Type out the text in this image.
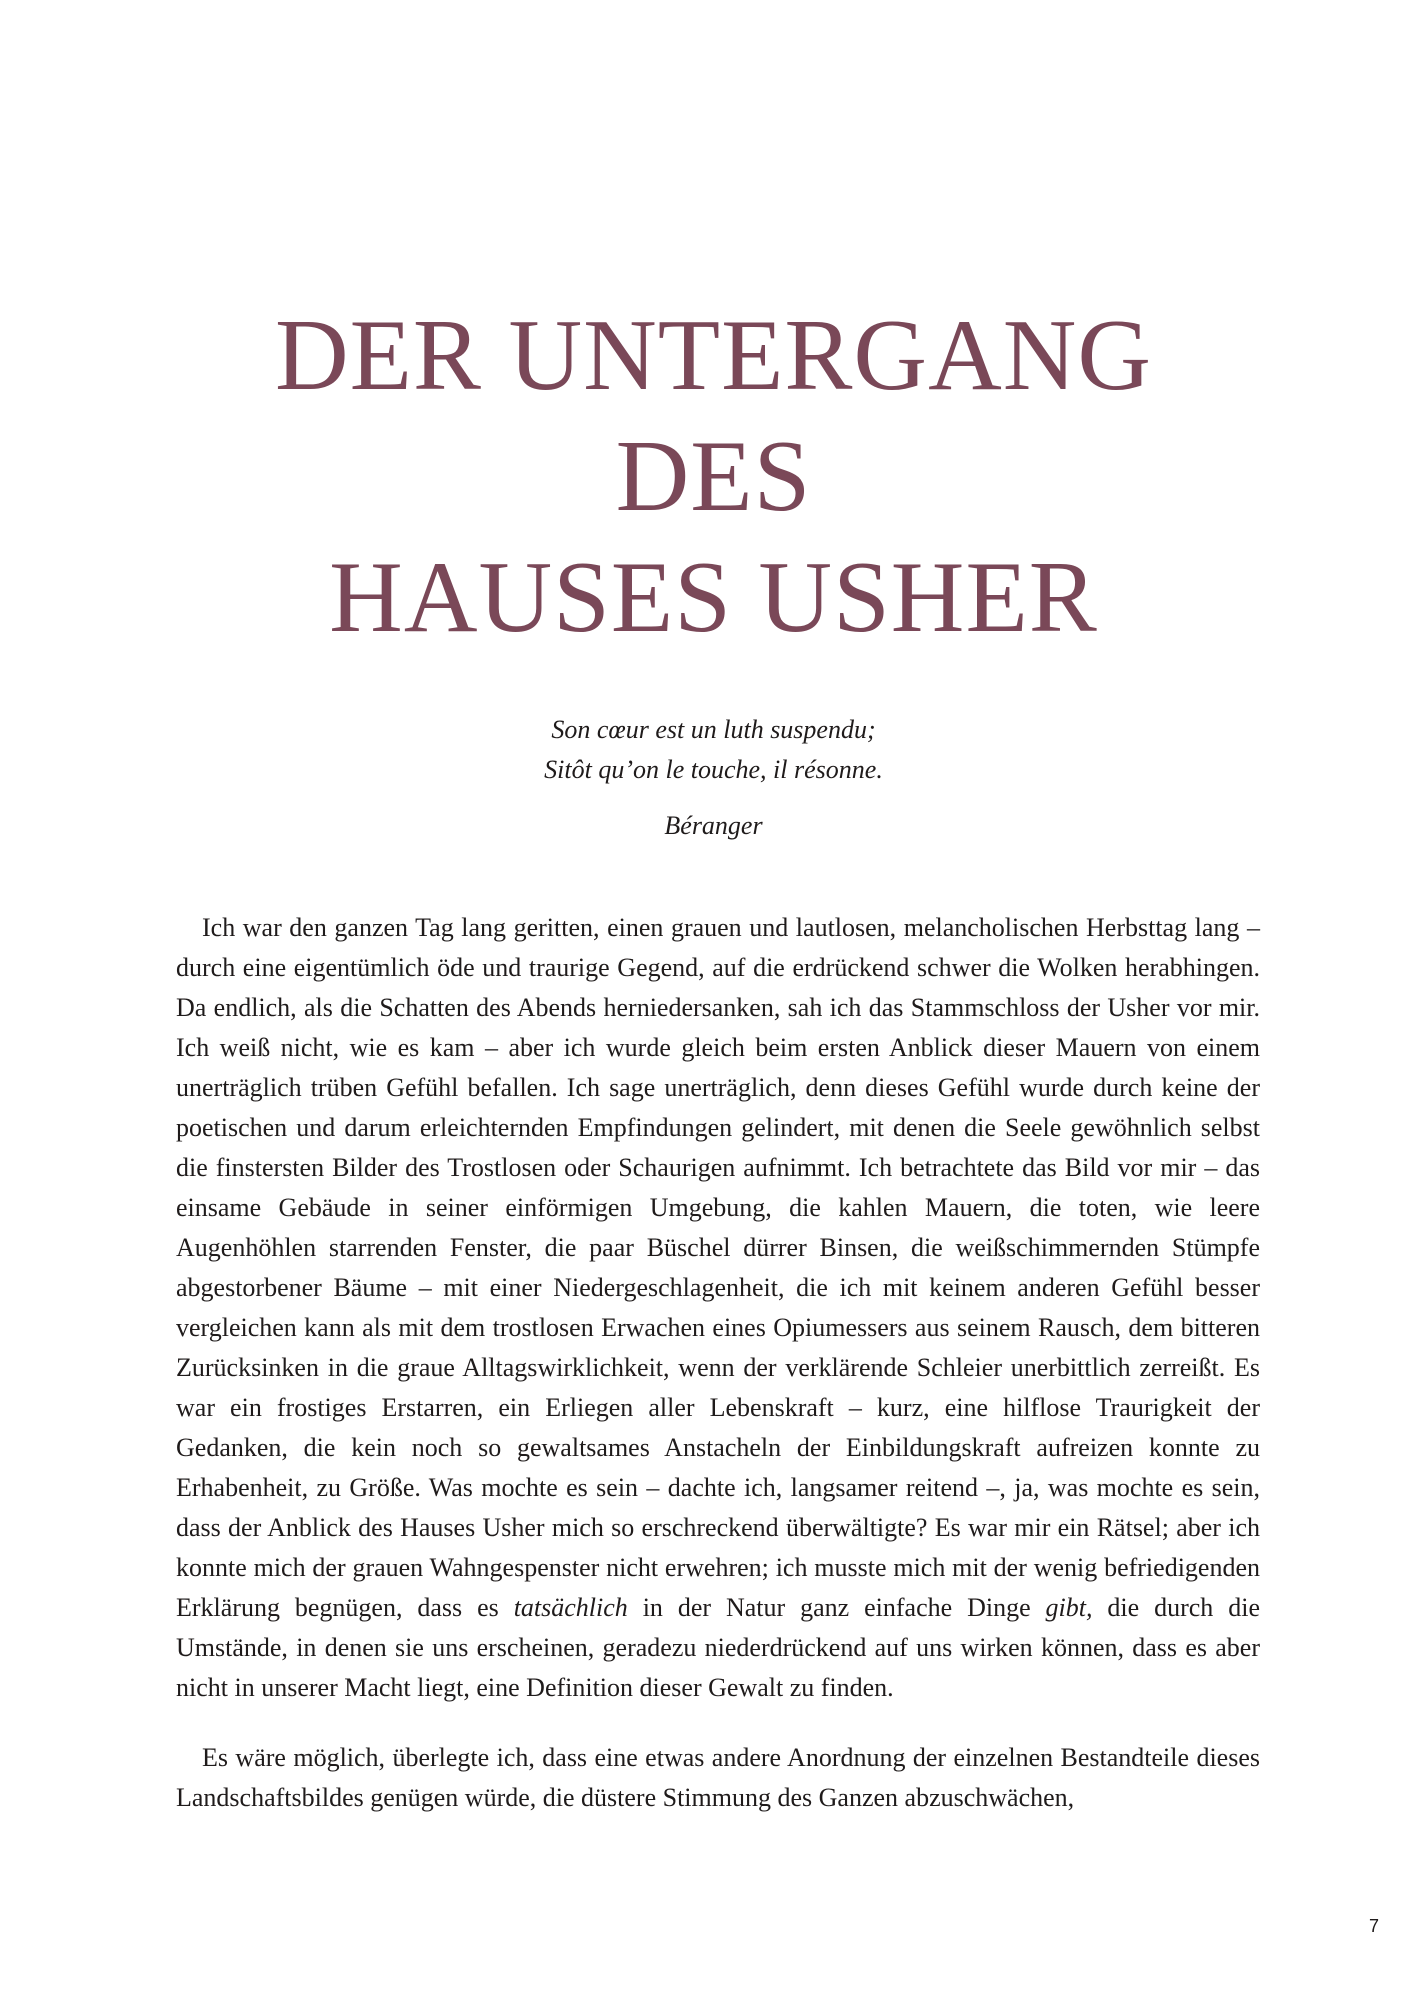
DER UNTERGANG
DES
HAUSES USHER
Son cœur est un luth suspendu;
Sitôt qu’on le touche, il résonne.
Béranger

Ich war den ganzen Tag lang geritten, einen grauen und lautlosen, melancholischen Herbsttag lang – durch eine eigentümlich öde und traurige Gegend, auf die erdrückend schwer die Wolken herabhingen. Da endlich, als die Schatten des Abends herniedersanken, sah ich das Stammschloss der Usher vor mir. Ich weiß nicht, wie es kam – aber ich wurde gleich beim ersten Anblick dieser Mauern von einem unerträglich trüben Gefühl befallen. Ich sage unerträglich, denn dieses Gefühl wurde durch keine der poetischen und darum erleichternden Empfindungen gelindert, mit denen die Seele gewöhnlich selbst die finstersten Bilder des Trostlosen oder Schaurigen aufnimmt. Ich betrachtete das Bild vor mir – das einsame Gebäude in seiner einförmigen Umgebung, die kahlen Mauern, die toten, wie leere Augenhöhlen starrenden Fenster, die paar Büschel dürrer Binsen, die weißschimmernden Stümpfe abgestorbener Bäume – mit einer Niedergeschlagenheit, die ich mit keinem anderen Gefühl besser vergleichen kann als mit dem trostlosen Erwachen eines Opiumessers aus seinem Rausch, dem bitteren Zurücksinken in die graue Alltagswirklichkeit, wenn der verklärende Schleier unerbittlich zerreißt. Es war ein frostiges Erstarren, ein Erliegen aller Lebenskraft – kurz, eine hilflose Traurigkeit der Gedanken, die kein noch so gewaltsames Anstacheln der Einbildungskraft aufreizen konnte zu Erhabenheit, zu Größe. Was mochte es sein – dachte ich, langsamer reitend –, ja, was mochte es sein, dass der Anblick des Hauses Usher mich so erschreckend überwältigte? Es war mir ein Rätsel; aber ich konnte mich der grauen Wahngespenster nicht erwehren; ich musste mich mit der wenig befriedigenden Erklärung begnügen, dass es tatsächlich in der Natur ganz einfache Dinge gibt, die durch die Umstände, in denen sie uns erscheinen, geradezu niederdrückend auf uns wirken können, dass es aber nicht in unserer Macht liegt, eine Definition dieser Gewalt zu finden.

Es wäre möglich, überlegte ich, dass eine etwas andere Anordnung der einzelnen Bestandteile dieses Landschaftsbildes genügen würde, die düstere Stimmung des Ganzen abzuschwächen,

7
